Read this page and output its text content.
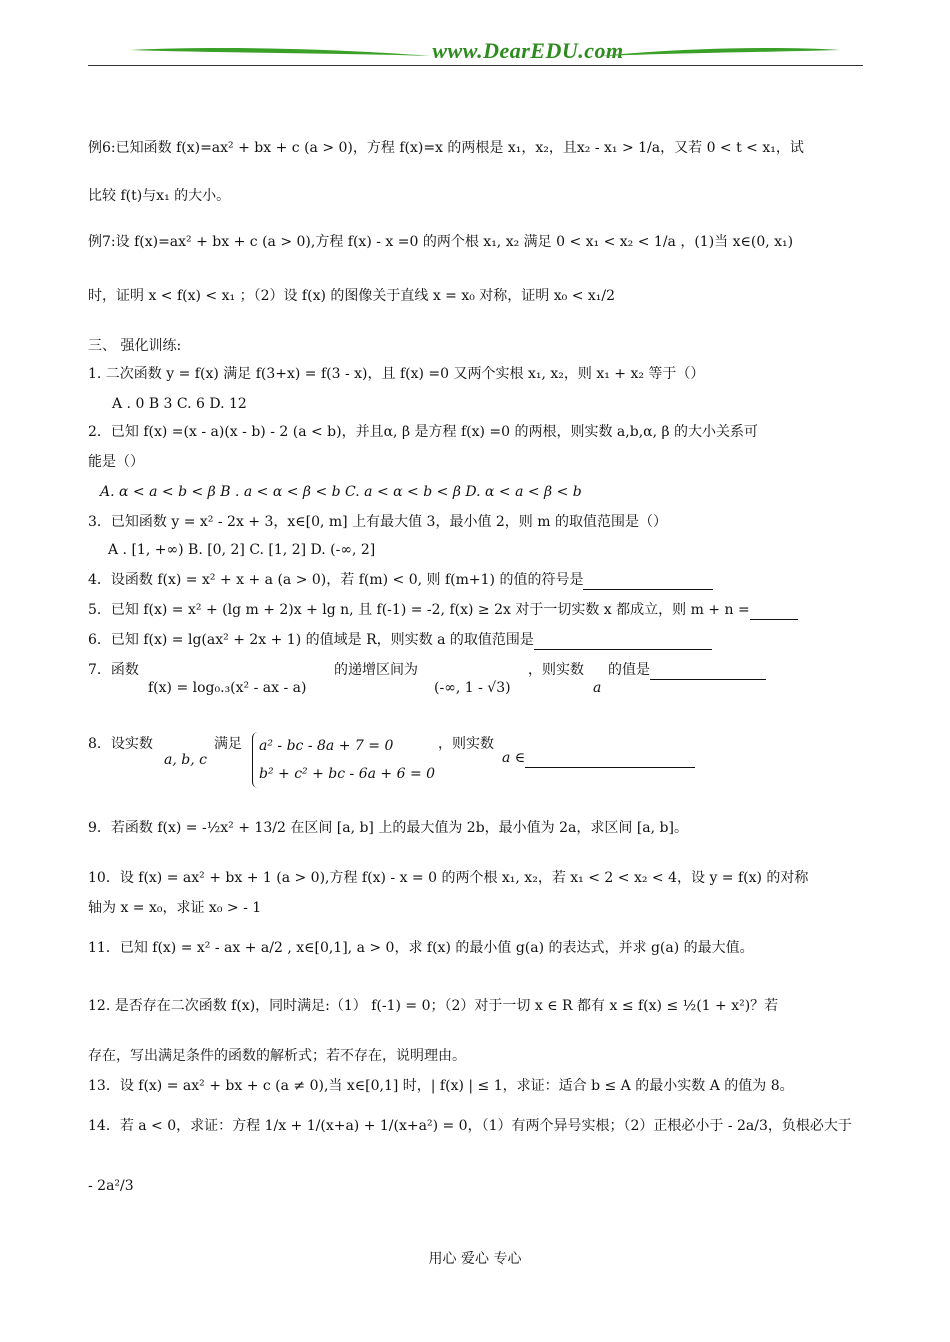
www.DearEDU.com
例6:已知函数 f(x)=ax² + bx + c (a > 0)，方程 f(x)=x 的两根是 x₁，x₂，且x₂ - x₁ > 1/a，又若 0 < t < x₁，试
比较 f(t)与x₁ 的大小。
例7:设 f(x)=ax² + bx + c (a > 0),方程 f(x) - x =0 的两个根 x₁, x₂ 满足 0 < x₁ < x₂ < 1/a ，(1)当 x∈(0, x₁)
时，证明 x < f(x) < x₁ ；（2）设 f(x) 的图像关于直线 x = x₀ 对称，证明 x₀ < x₁/2
三、 强化训练:
1. 二次函数 y = f(x) 满足 f(3+x) = f(3 - x)，且 f(x) =0 又两个实根 x₁, x₂，则 x₁ + x₂ 等于（）
A . 0 B 3 C. 6 D. 12
2．已知 f(x) =(x - a)(x - b) - 2 (a < b)，并且α, β 是方程 f(x) =0 的两根，则实数 a,b,α, β 的大小关系可
能是（）
A. α < a < b < β B . a < α < β < b C. a < α < b < β D. α < a < β < b
3．已知函数 y = x² - 2x + 3，x∈[0, m] 上有最大值 3，最小值 2，则 m 的取值范围是（）
A . [1, +∞) B. [0, 2] C. [1, 2] D. (-∞, 2]
4．设函数 f(x) = x² + x + a (a > 0)，若 f(m) < 0, 则 f(m+1) 的值的符号是
5．已知 f(x) = x² + (lg m + 2)x + lg n, 且 f(-1) = -2, f(x) ≥ 2x 对于一切实数 x 都成立，则 m + n =
6．已知 f(x) = lg(ax² + 2x + 1) 的值域是 R，则实数 a 的取值范围是
7．函数
f(x) = log₀.₃(x² - ax - a)
的递增区间为
(-∞, 1 - √3)
，则实数
a
的值是
8．设实数
a, b, c
满足 a² - bc - 8a + 7 = 0
b² + c² + bc - 6a + 6 = 0
，则实数
a ∈
9．若函数 f(x) = -½x² + 13/2 在区间 [a, b] 上的最大值为 2b，最小值为 2a，求区间 [a, b]。
10．设 f(x) = ax² + bx + 1 (a > 0),方程 f(x) - x = 0 的两个根 x₁, x₂，若 x₁ < 2 < x₂ < 4，设 y = f(x) 的对称
轴为 x = x₀，求证 x₀ > - 1
11．已知 f(x) = x² - ax + a/2 , x∈[0,1], a > 0，求 f(x) 的最小值 g(a) 的表达式，并求 g(a) 的最大值。
12. 是否存在二次函数 f(x)，同时满足:（1） f(-1) = 0；（2）对于一切 x ∈ R 都有 x ≤ f(x) ≤ ½(1 + x²)？若
存在，写出满足条件的函数的解析式；若不存在，说明理由。
13．设 f(x) = ax² + bx + c (a ≠ 0),当 x∈[0,1] 时，| f(x) | ≤ 1，求证：适合 b ≤ A 的最小实数 A 的值为 8。
14．若 a < 0，求证：方程 1/x + 1/(x+a) + 1/(x+a²) = 0，（1）有两个异号实根；（2）正根必小于 - 2a/3，负根必大于
- 2a²/3
用心 爱心 专心
